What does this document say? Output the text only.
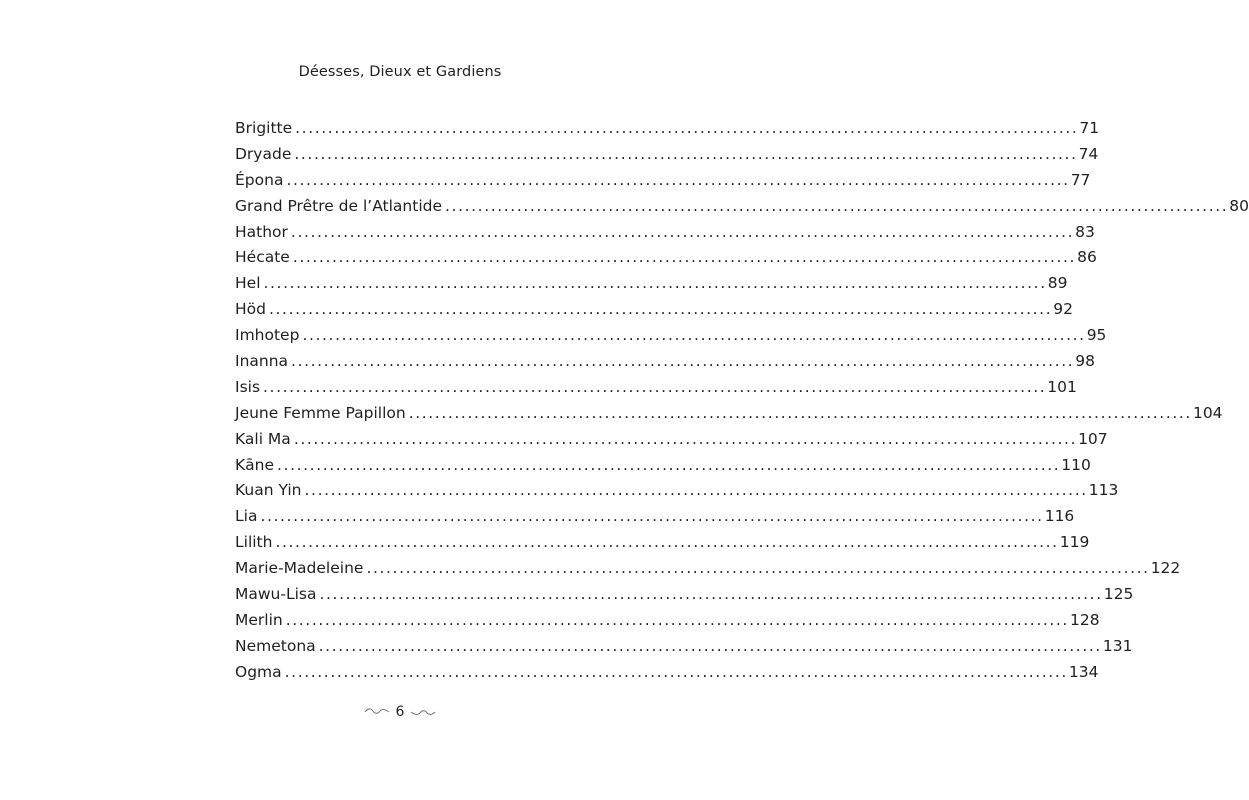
Déesses, Dieux et Gardiens
Brigitte ........................................................................................................................ 71
Dryade ........................................................................................................................ 74
Épona ........................................................................................................................ 77
Grand Prêtre de l’Atlantide ........................................................................................................................ 80
Hathor ........................................................................................................................ 83
Hécate ........................................................................................................................ 86
Hel ........................................................................................................................ 89
Höd ........................................................................................................................ 92
Imhotep ........................................................................................................................ 95
Inanna ........................................................................................................................ 98
Isis ........................................................................................................................ 101
Jeune Femme Papillon ........................................................................................................................ 104
Kali Ma ........................................................................................................................ 107
Kāne ........................................................................................................................ 110
Kuan Yin ........................................................................................................................ 113
Lia ........................................................................................................................ 116
Lilith ........................................................................................................................ 119
Marie-Madeleine ........................................................................................................................ 122
Mawu-Lisa ........................................................................................................................ 125
Merlin ........................................................................................................................ 128
Nemetona ........................................................................................................................ 131
Ogma ........................................................................................................................ 134
6
